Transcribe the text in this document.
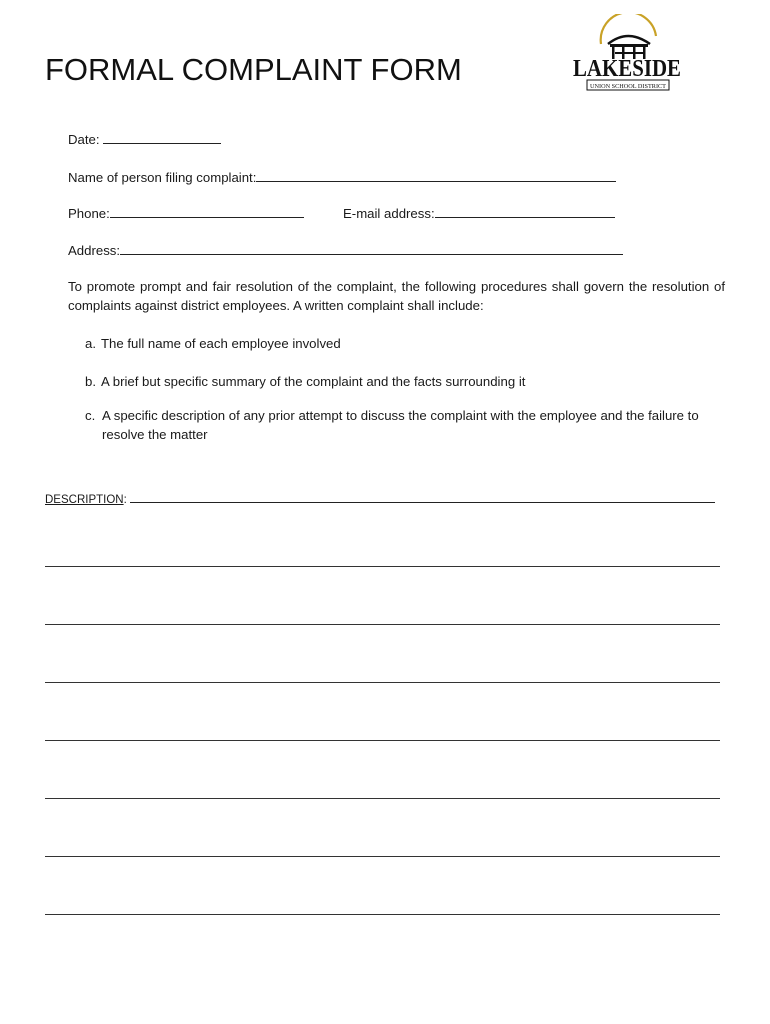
FORMAL COMPLAINT FORM	LAKESIDE
UNION SCHOOL DISTRICT
Date:
Name of person filing complaint:
Phone:	E-mail address:
Address:

To promote prompt and fair resolution of the complaint, the following procedures shall govern the resolution of complaints against district employees. A written complaint shall include:

a. The full name of each employee involved
b. A brief but specific summary of the complaint and the facts surrounding it
c. A specific description of any prior attempt to discuss the complaint with the employee and the failure to resolve the matter
DESCRIPTION:
